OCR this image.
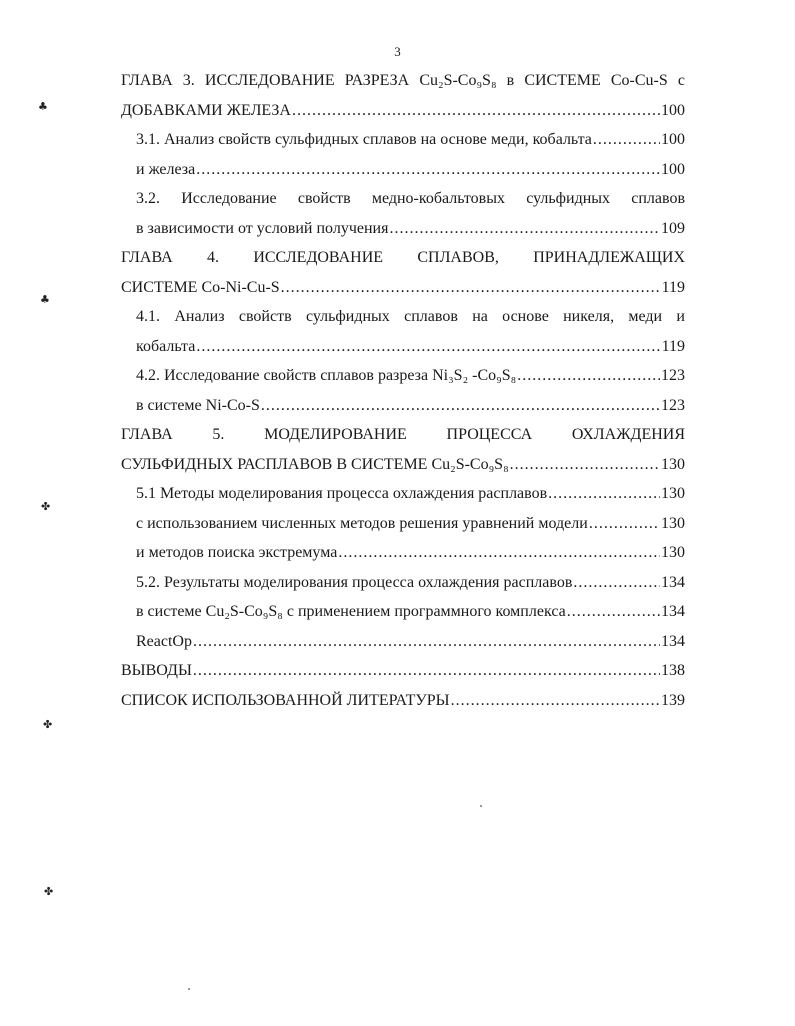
3
ГЛАВА 3. ИССЛЕДОВАНИЕ РАЗРЕЗА Cu₂S-Co₉S₈ в СИСТЕМЕ Co-Cu-S с
ДОБАВКАМИ ЖЕЛЕЗА .....	100
3.1. Анализ свойств сульфидных сплавов на основе меди, кобальта .....	100
и железа .....	100
3.2. Исследование свойств медно-кобальтовых сульфидных сплавов
в зависимости от условий получения .....	109
ГЛАВА 4. ИССЛЕДОВАНИЕ СПЛАВОВ, ПРИНАДЛЕЖАЩИХ
СИСТЕМЕ Co-Ni-Cu-S .....	119
4.1. Анализ свойств сульфидных сплавов на основе никеля, меди и
кобальта .....	119
4.2. Исследование свойств сплавов разреза Ni₃S₂ -Co₉S₈ .....	123
в системе Ni-Co-S .....	123
ГЛАВА 5. МОДЕЛИРОВАНИЕ ПРОЦЕССА ОХЛАЖДЕНИЯ
СУЛЬФИДНЫХ РАСПЛАВОВ В СИСТЕМЕ Cu₂S-Co₉S₈ .....	130
5.1 Методы моделирования процесса охлаждения расплавов .....	130
с использованием численных методов решения уравнений модели .....	130
и методов поиска экстремума .....	130
5.2. Результаты моделирования процесса охлаждения расплавов .....	134
в системе Cu₂S-Co₉S₈ с применением программного комплекса .....	134
ReactOp .....	134
ВЫВОДЫ .....	138
СПИСОК ИСПОЛЬЗОВАННОЙ ЛИТЕРАТУРЫ .....	139
♣
♣
✤
✤
✤
